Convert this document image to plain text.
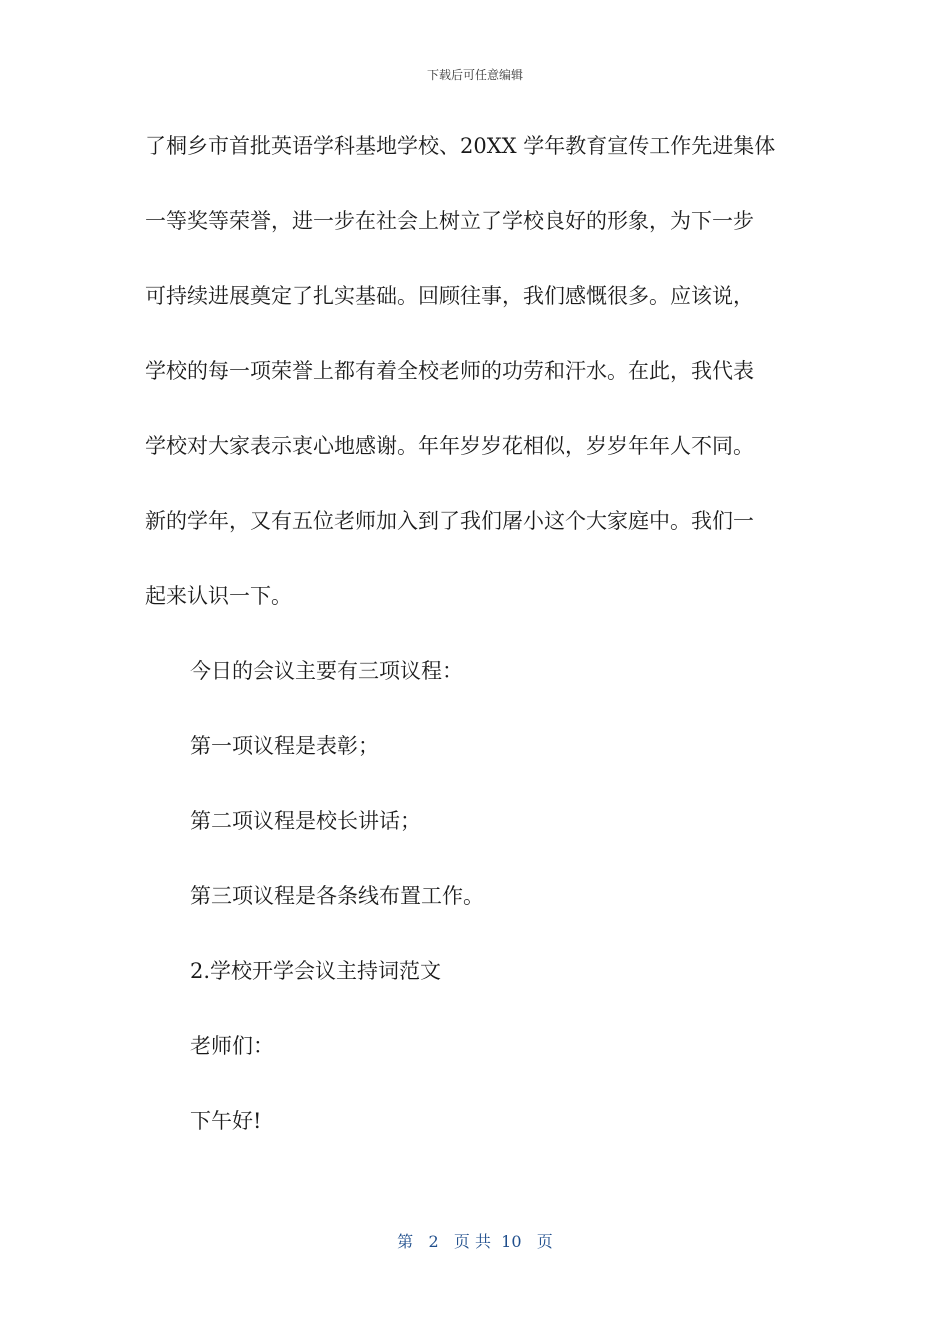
下载后可任意编辑
了桐乡市首批英语学科基地学校、20XX 学年教育宣传工作先进集体
一等奖等荣誉，进一步在社会上树立了学校良好的形象，为下一步
可持续进展奠定了扎实基础。回顾往事，我们感慨很多。应该说，
学校的每一项荣誉上都有着全校老师的功劳和汗水。在此，我代表
学校对大家表示衷心地感谢。年年岁岁花相似，岁岁年年人不同。
新的学年，又有五位老师加入到了我们屠小这个大家庭中。我们一
起来认识一下。
今日的会议主要有三项议程：
第一项议程是表彰；
第二项议程是校长讲话；
第三项议程是各条线布置工作。
2.学校开学会议主持词范文
老师们：
下午好!
第 2 页 共 10 页
